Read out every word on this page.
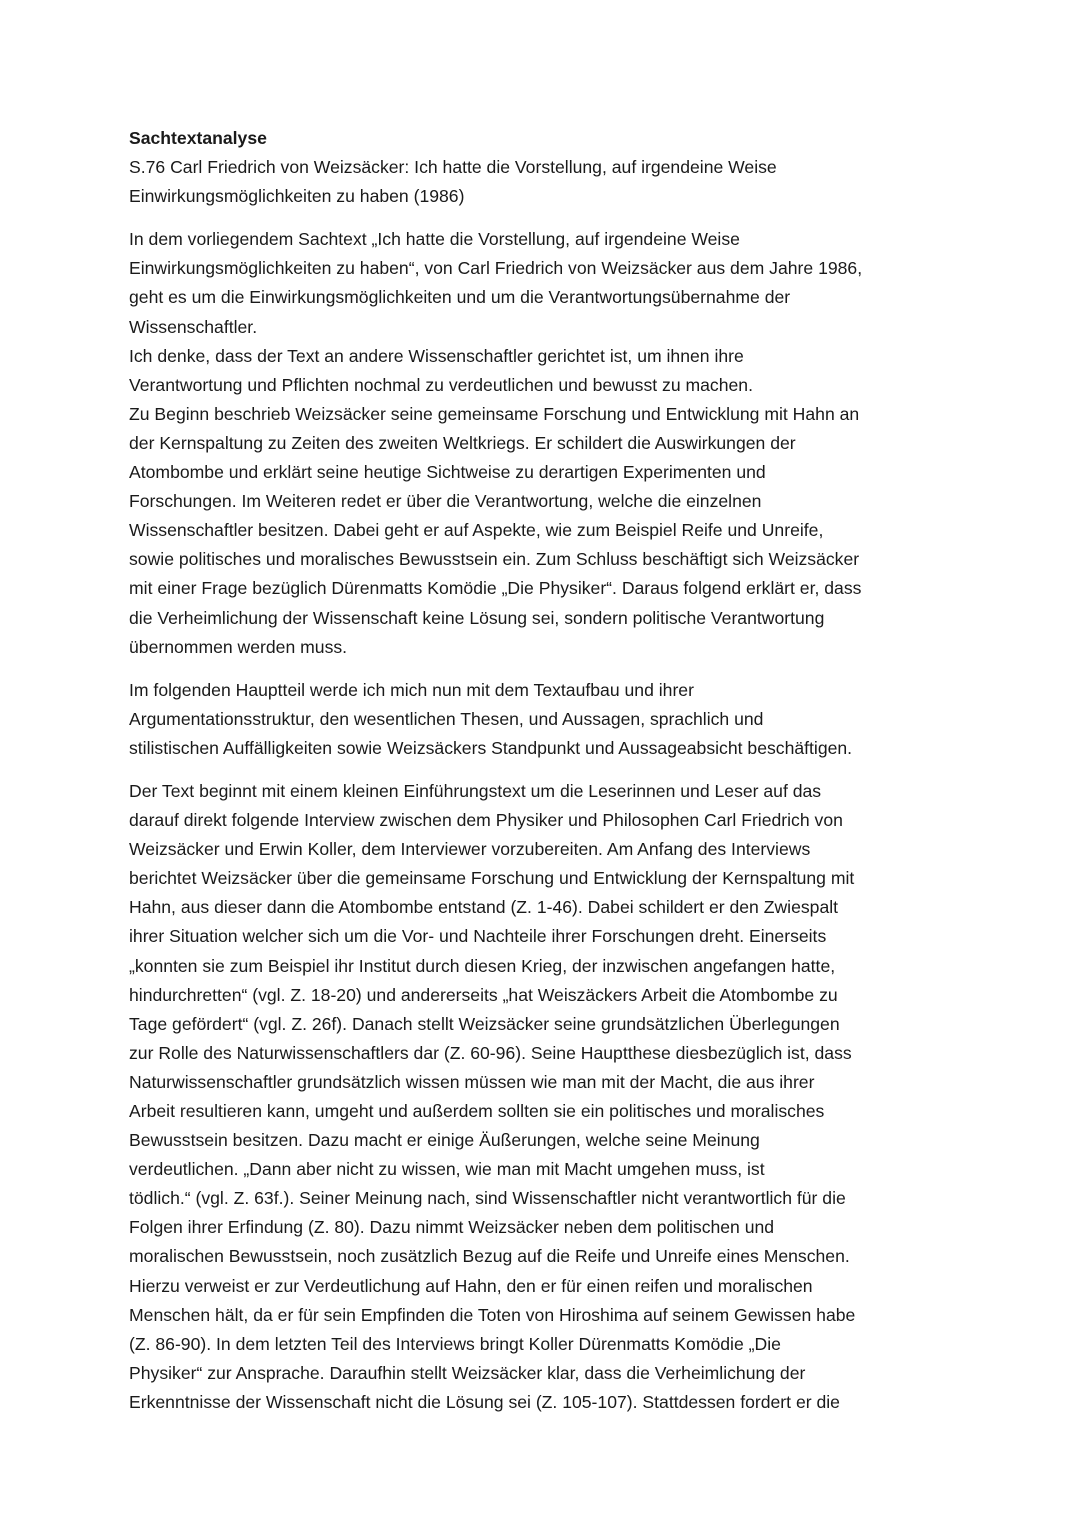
Sachtextanalyse
S.76 Carl Friedrich von Weizsäcker: Ich hatte die Vorstellung, auf irgendeine Weise
Einwirkungsmöglichkeiten zu haben (1986)
In dem vorliegendem Sachtext „Ich hatte die Vorstellung, auf irgendeine Weise
Einwirkungsmöglichkeiten zu haben“, von Carl Friedrich von Weizsäcker aus dem Jahre 1986,
geht es um die Einwirkungsmöglichkeiten und um die Verantwortungsübernahme der
Wissenschaftler.
Ich denke, dass der Text an andere Wissenschaftler gerichtet ist, um ihnen ihre
Verantwortung und Pflichten nochmal zu verdeutlichen und bewusst zu machen.
Zu Beginn beschrieb Weizsäcker seine gemeinsame Forschung und Entwicklung mit Hahn an
der Kernspaltung zu Zeiten des zweiten Weltkriegs. Er schildert die Auswirkungen der
Atombombe und erklärt seine heutige Sichtweise zu derartigen Experimenten und
Forschungen. Im Weiteren redet er über die Verantwortung, welche die einzelnen
Wissenschaftler besitzen. Dabei geht er auf Aspekte, wie zum Beispiel Reife und Unreife,
sowie politisches und moralisches Bewusstsein ein. Zum Schluss beschäftigt sich Weizsäcker
mit einer Frage bezüglich Dürenmatts Komödie „Die Physiker“. Daraus folgend erklärt er, dass
die Verheimlichung der Wissenschaft keine Lösung sei, sondern politische Verantwortung
übernommen werden muss.
Im folgenden Hauptteil werde ich mich nun mit dem Textaufbau und ihrer
Argumentationsstruktur, den wesentlichen Thesen, und Aussagen, sprachlich und
stilistischen Auffälligkeiten sowie Weizsäckers Standpunkt und Aussageabsicht beschäftigen.
Der Text beginnt mit einem kleinen Einführungstext um die Leserinnen und Leser auf das
darauf direkt folgende Interview zwischen dem Physiker und Philosophen Carl Friedrich von
Weizsäcker und Erwin Koller, dem Interviewer vorzubereiten. Am Anfang des Interviews
berichtet Weizsäcker über die gemeinsame Forschung und Entwicklung der Kernspaltung mit
Hahn, aus dieser dann die Atombombe entstand (Z. 1-46). Dabei schildert er den Zwiespalt
ihrer Situation welcher sich um die Vor- und Nachteile ihrer Forschungen dreht. Einerseits
„konnten sie zum Beispiel ihr Institut durch diesen Krieg, der inzwischen angefangen hatte,
hindurchretten“ (vgl. Z. 18-20) und andererseits „hat Weiszäckers Arbeit die Atombombe zu
Tage gefördert“ (vgl. Z. 26f). Danach stellt Weizsäcker seine grundsätzlichen Überlegungen
zur Rolle des Naturwissenschaftlers dar (Z. 60-96). Seine Hauptthese diesbezüglich ist, dass
Naturwissenschaftler grundsätzlich wissen müssen wie man mit der Macht, die aus ihrer
Arbeit resultieren kann, umgeht und außerdem sollten sie ein politisches und moralisches
Bewusstsein besitzen. Dazu macht er einige Äußerungen, welche seine Meinung
verdeutlichen. „Dann aber nicht zu wissen, wie man mit Macht umgehen muss, ist
tödlich.“ (vgl. Z. 63f.). Seiner Meinung nach, sind Wissenschaftler nicht verantwortlich für die
Folgen ihrer Erfindung (Z. 80). Dazu nimmt Weizsäcker neben dem politischen und
moralischen Bewusstsein, noch zusätzlich Bezug auf die Reife und Unreife eines Menschen.
Hierzu verweist er zur Verdeutlichung auf Hahn, den er für einen reifen und moralischen
Menschen hält, da er für sein Empfinden die Toten von Hiroshima auf seinem Gewissen habe
(Z. 86-90). In dem letzten Teil des Interviews bringt Koller Dürenmatts Komödie „Die
Physiker“ zur Ansprache. Daraufhin stellt Weizsäcker klar, dass die Verheimlichung der
Erkenntnisse der Wissenschaft nicht die Lösung sei (Z. 105-107). Stattdessen fordert er die
